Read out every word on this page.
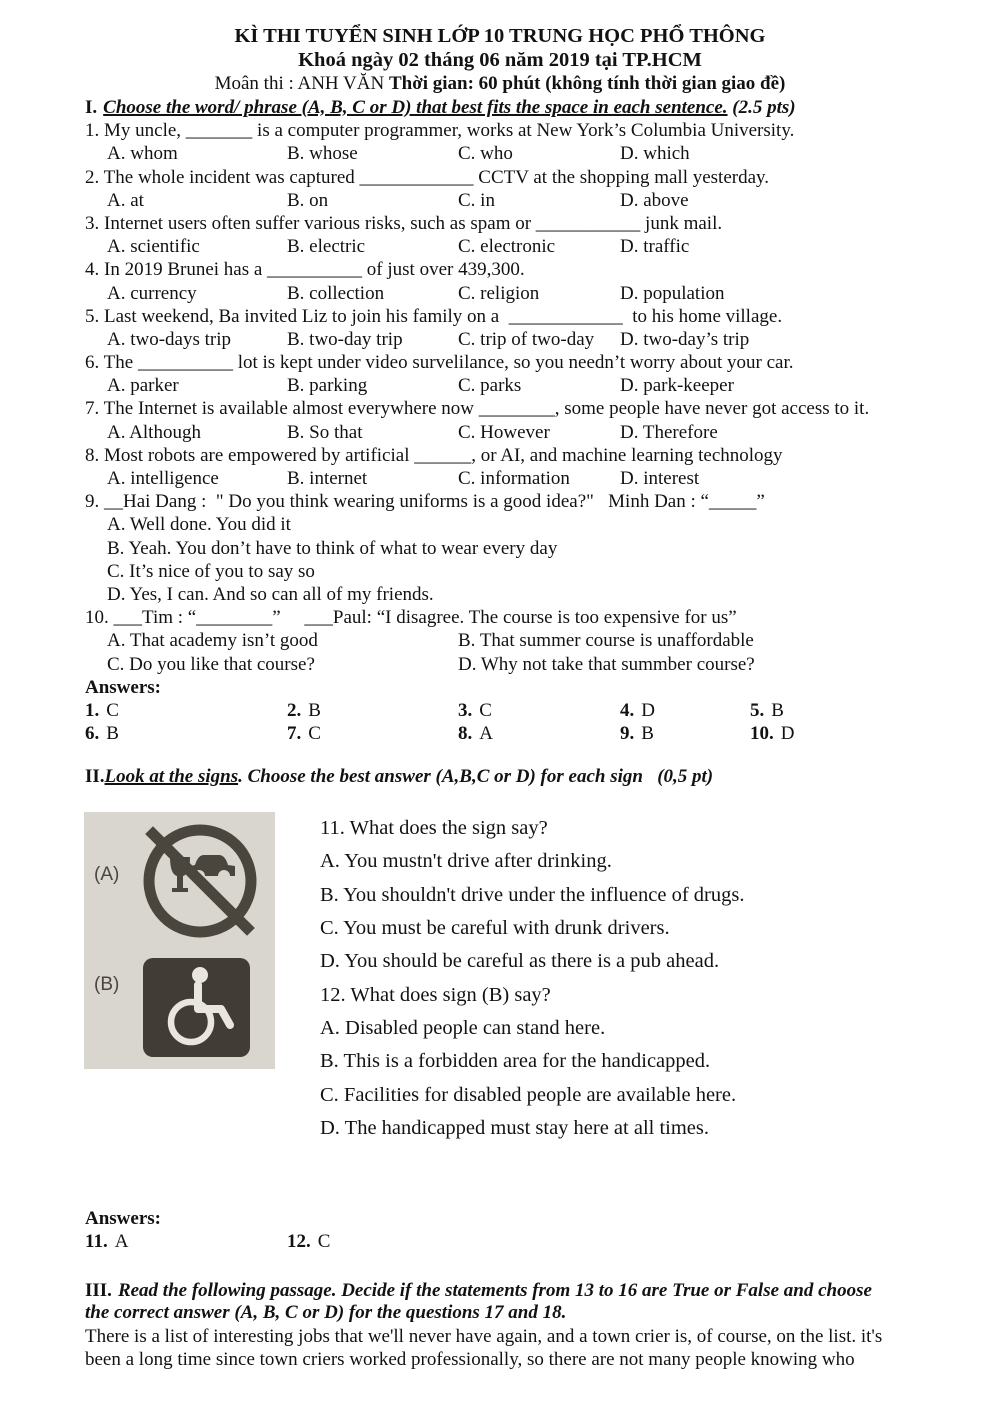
KÌ THI TUYỂN SINH LỚP 10 TRUNG HỌC PHỔ THÔNG
Khoá ngày 02 tháng 06 năm 2019 tại TP.HCM
Moân thi : ANH VĂN Thời gian: 60 phút (không tính thời gian giao đề)
I. Choose the word/ phrase (A, B, C or D) that best fits the space in each sentence. (2.5 pts)
1. My uncle, _______ is a computer programmer, works at New York’s Columbia University.
A. whom	B. whose	C. who	D. which
2. The whole incident was captured ____________ CCTV at the shopping mall yesterday.
A. at	B. on	C. in	D. above
3. Internet users often suffer various risks, such as spam or ___________ junk mail.
A. scientific	B. electric	C. electronic	D. traffic
4. In 2019 Brunei has a __________ of just over 439,300.
A. currency	B. collection	C. religion	D. population
5. Last weekend, Ba invited Liz to join his family on a  ____________  to his home village.
A. two-days trip	B. two-day trip	C. trip of two-day D. two-day’s trip
6. The __________ lot is kept under video survelilance, so you needn’t worry about your car.
A. parker	B. parking	C. parks	D. park-keeper
7. The Internet is available almost everywhere now ________, some people have never got access to it.
A. Although	B. So that	C. However	D. Therefore
8. Most robots are empowered by artificial ______, or AI, and machine learning technology
A. intelligence	B. internet	C. information	D. interest
9. __Hai Dang :  " Do you think wearing uniforms is a good idea?"   Minh Dan : “_____”
A. Well done. You did it
B. Yeah. You don’t have to think of what to wear every day
C. It’s nice of you to say so
D. Yes, I can. And so can all of my friends.
10. ___Tim : “________”     ___Paul: “I disagree. The course is too expensive for us”
A. That academy isn’t good	B. That summer course is unaffordable
C. Do you like that course?	D. Why not take that summber course?
Answers:
1. C	2. B	3. C	4. D	5. B
6. B	7. C	8. A	9. B	10. D
II.Look at the signs. Choose the best answer (A,B,C or D) for each sign   (0,5 pt)
(A)
(B)
11. What does the sign say?
A. You mustn't drive after drinking.
B. You shouldn't drive under the influence of drugs.
C. You must be careful with drunk drivers.
D. You should be careful as there is a pub ahead.
12. What does sign (B) say?
A. Disabled people can stand here.
B. This is a forbidden area for the handicapped.
C. Facilities for disabled people are available here.
D. The handicapped must stay here at all times.
Answers:
11. A	12. C
III. Read the following passage. Decide if the statements from 13 to 16 are True or False and choose
the correct answer (A, B, C or D) for the questions 17 and 18.
There is a list of interesting jobs that we'll never have again, and a town crier is, of course, on the list. it's
been a long time since town criers worked professionally, so there are not many people knowing who
